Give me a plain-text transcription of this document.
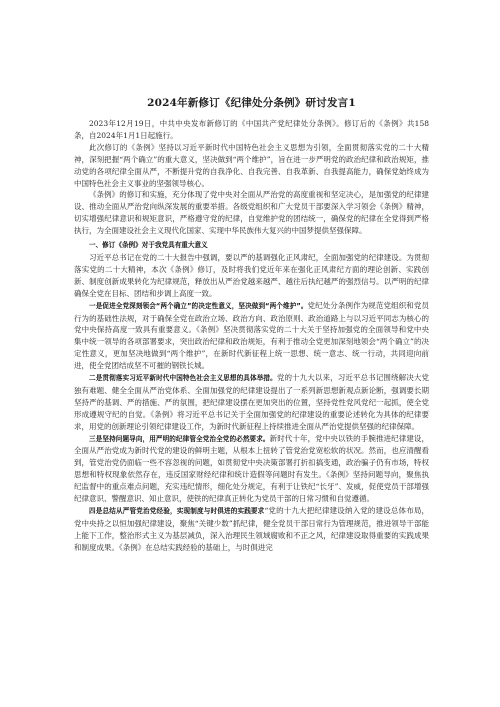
2024年新修订《纪律处分条例》研讨发言1

2023年12月19日，中共中央发布新修订的《中国共产党纪律处分条例》。修订后的《条例》共158条，自2024年1月1日起施行。

此次修订的《条例》坚持以习近平新时代中国特色社会主义思想为引领，全面贯彻落实党的二十大精神，深刻把握“两个确立”的重大意义，坚决做到“两个维护”，旨在进一步严明党的政治纪律和政治规矩，推动党的各项纪律全面从严，不断提升党的自我净化、自我完善、自我革新、自我提高能力，确保党始终成为中国特色社会主义事业的坚强领导核心。

《条例》的修订和实施，充分体现了党中央对全面从严治党的高度重视和坚定决心，是加强党的纪律建设、推动全面从严治党向纵深发展的重要举措。各级党组织和广大党员干部要深入学习领会《条例》精神，切实增强纪律意识和规矩意识，严格遵守党的纪律，自觉维护党的团结统一，确保党的纪律在全党得到严格执行，为全面建设社会主义现代化国家、实现中华民族伟大复兴的中国梦提供坚强保障。

一、修订《条例》对于我党具有重大意义

习近平总书记在党的二十大报告中强调，要以严的基调强化正风肃纪，全面加强党的纪律建设。为贯彻落实党的二十大精神，本次《条例》修订，及时将我们党近年来在强化正风肃纪方面的理论创新、实践创新、制度创新成果转化为纪律规范，释放出从严治党越来越严、越往后执纪越严的强烈信号。以严明的纪律确保全党在目标、团结和步调上高度一致。

一是促进全党深刻领会“两个确立”的决定性意义，坚决做到“两个维护”。党纪处分条例作为规范党组织和党员行为的基础性法规，对于确保全党在政治立场、政治方向、政治原则、政治道路上与以习近平同志为核心的党中央保持高度一致具有重要意义。《条例》坚决贯彻落实党的二十大关于坚持加强党的全面领导和党中央集中统一领导的各项部署要求，突出政治纪律和政治规矩，有利于推动全党更加深刻地领会“两个确立”的决定性意义，更加坚决地做到“两个维护”，在新时代新征程上统一思想、统一意志、统一行动，共同迎向前进，使全党团结成坚不可摧的钢铁长城。

二是贯彻落实习近平新时代中国特色社会主义思想的具体举措。党的十九大以来，习近平总书记围绕解决大党独有难题、健全全面从严治党体系、全面加强党的纪律建设提出了一系列新思想新观点新论断，强调要长期坚持严的基调、严的措施、严的氛围，把纪律建设摆在更加突出的位置，坚持党性党风党纪一起抓，使全党形成遵规守纪的自觉。《条例》将习近平总书记关于全面加强党的纪律建设的重要论述转化为具体的纪律要求，用党的创新理论引领纪律建设工作，为新时代新征程上持续推进全面从严治党提供坚强的纪律保障。

三是坚持问题导向，用严明的纪律管全党治全党的必然要求。新时代十年，党中央以铁的手腕推进纪律建设，全面从严治党成为新时代党的建设的鲜明主题，从根本上扭转了管党治党宽松软的状况。然而，也应清醒看到，管党治党仍面临一些不容忽视的问题，如贯彻党中央决策部署打折扣搞变通，政治骗子仍有市场，特权思想和特权现象依然存在，违反国家财经纪律和统计造假等问题时有发生。《条例》坚持问题导向，聚焦执纪监督中的重点难点问题，充实违纪情形，细化处分规定，有利于让铁纪“长牙”、发威，促使党员干部增强纪律意识、警醒意识、知止意识，使铁的纪律真正转化为党员干部的日常习惯和自觉遵循。

四是总结从严管党治党经验，实现制度与时俱进的实践要求“党的十九大把纪律建设纳入党的建设总体布局，党中央持之以恒加强纪律建设，聚焦“关键少数”抓纪律，健全党员干部日常行为管理规范，推进领导干部能上能下工作，整治形式主义为基层减负，深入治理民生领域腐败和不正之风，纪律建设取得重要的实践成果和制度成果。《条例》在总结实践经验的基础上，与时俱进完
